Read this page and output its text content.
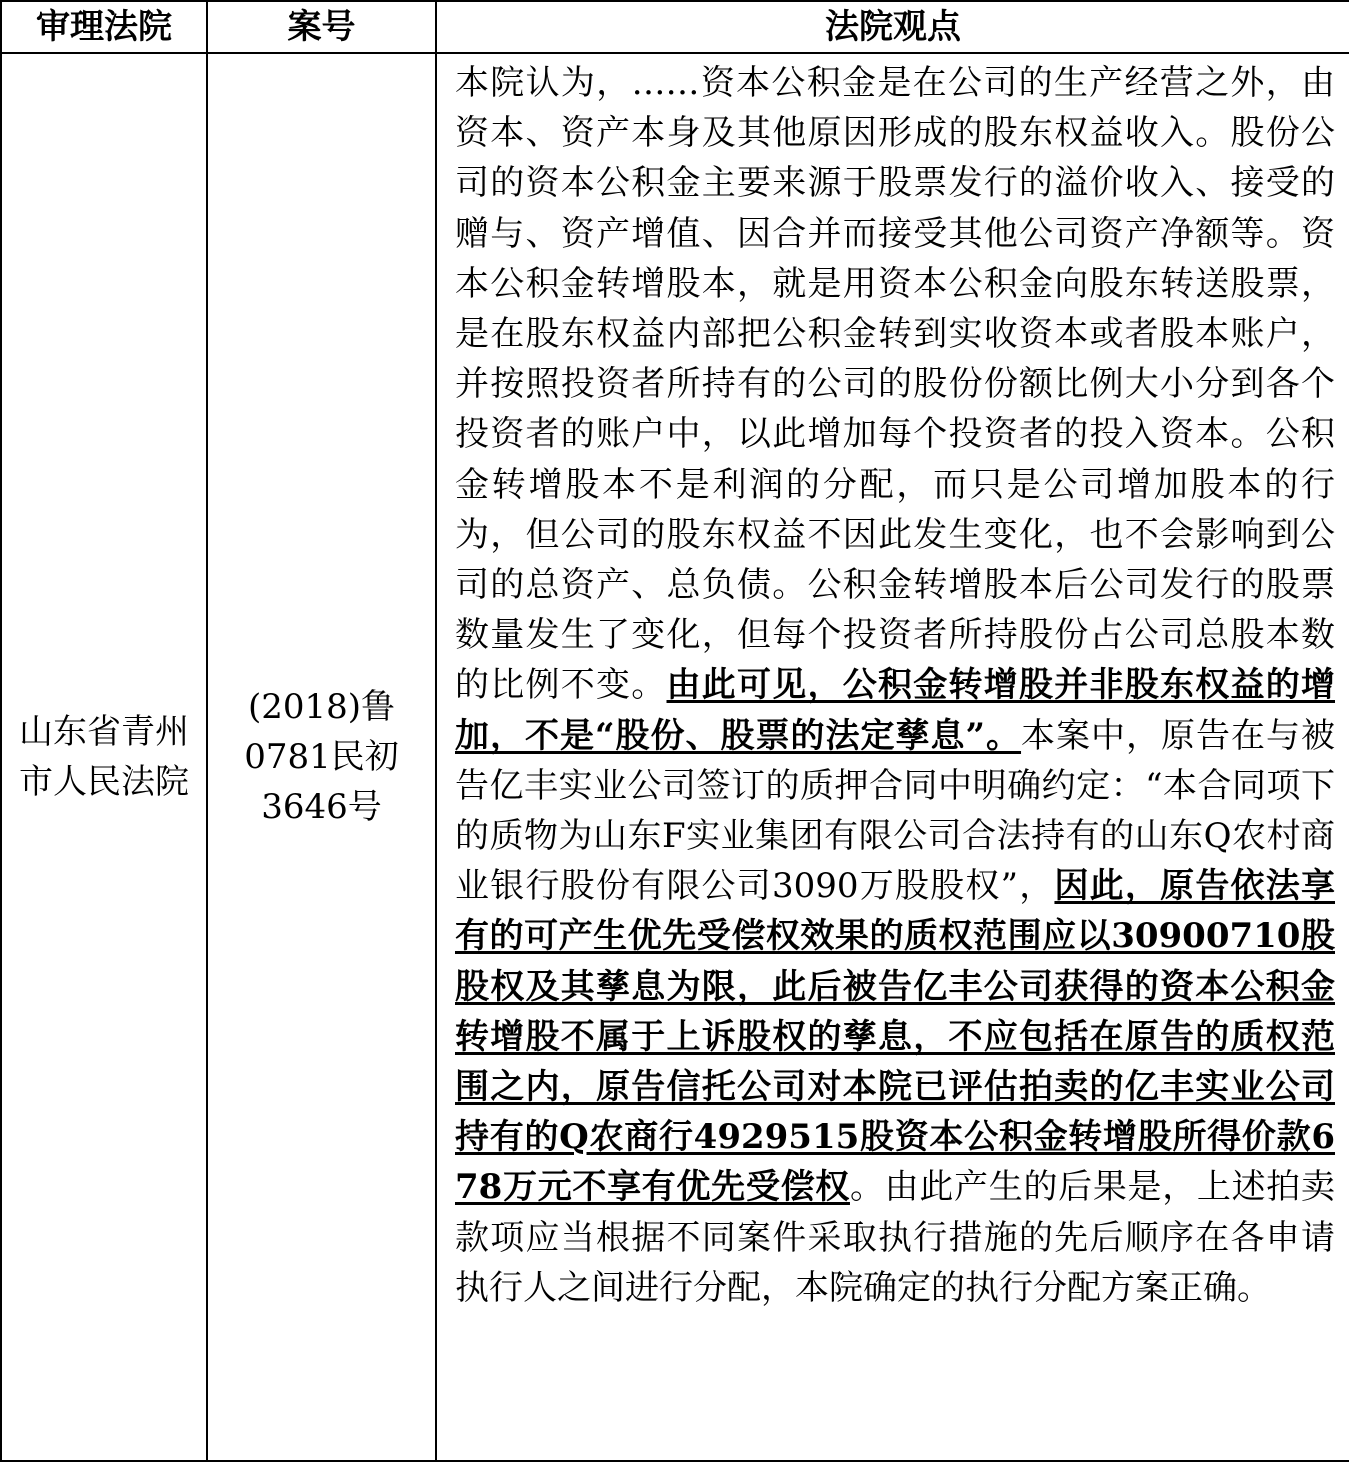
审理法院	案号	法院观点

山东省青州市人民法院	(2018)鲁0781民初3646号	本院认为，……资本公积金是在公司的生产经营之外，由资本、资产本身及其他原因形成的股东权益收入。股份公司的资本公积金主要来源于股票发行的溢价收入、接受的赠与、资产增值、因合并而接受其他公司资产净额等。资本公积金转增股本，就是用资本公积金向股东转送股票，是在股东权益内部把公积金转到实收资本或者股本账户，并按照投资者所持有的公司的股份份额比例大小分到各个投资者的账户中，以此增加每个投资者的投入资本。公积金转增股本不是利润的分配，而只是公司增加股本的行为，但公司的股东权益不因此发生变化，也不会影响到公司的总资产、总负债。公积金转增股本后公司发行的股票数量发生了变化，但每个投资者所持股份占公司总股本数的比例不变。由此可见，公积金转增股并非股东权益的增加，不是“股份、股票的法定孳息”。本案中，原告在与被告亿丰实业公司签订的质押合同中明确约定：“本合同项下的质物为山东F实业集团有限公司合法持有的山东Q农村商业银行股份有限公司3090万股股权”，因此，原告依法享有的可产生优先受偿权效果的质权范围应以30900710股股权及其孳息为限，此后被告亿丰公司获得的资本公积金转增股不属于上诉股权的孳息，不应包括在原告的质权范围之内，原告信托公司对本院已评估拍卖的亿丰实业公司持有的Q农商行4929515股资本公积金转增股所得价款678万元不享有优先受偿权。由此产生的后果是，上述拍卖款项应当根据不同案件采取执行措施的先后顺序在各申请执行人之间进行分配，本院确定的执行分配方案正确。
